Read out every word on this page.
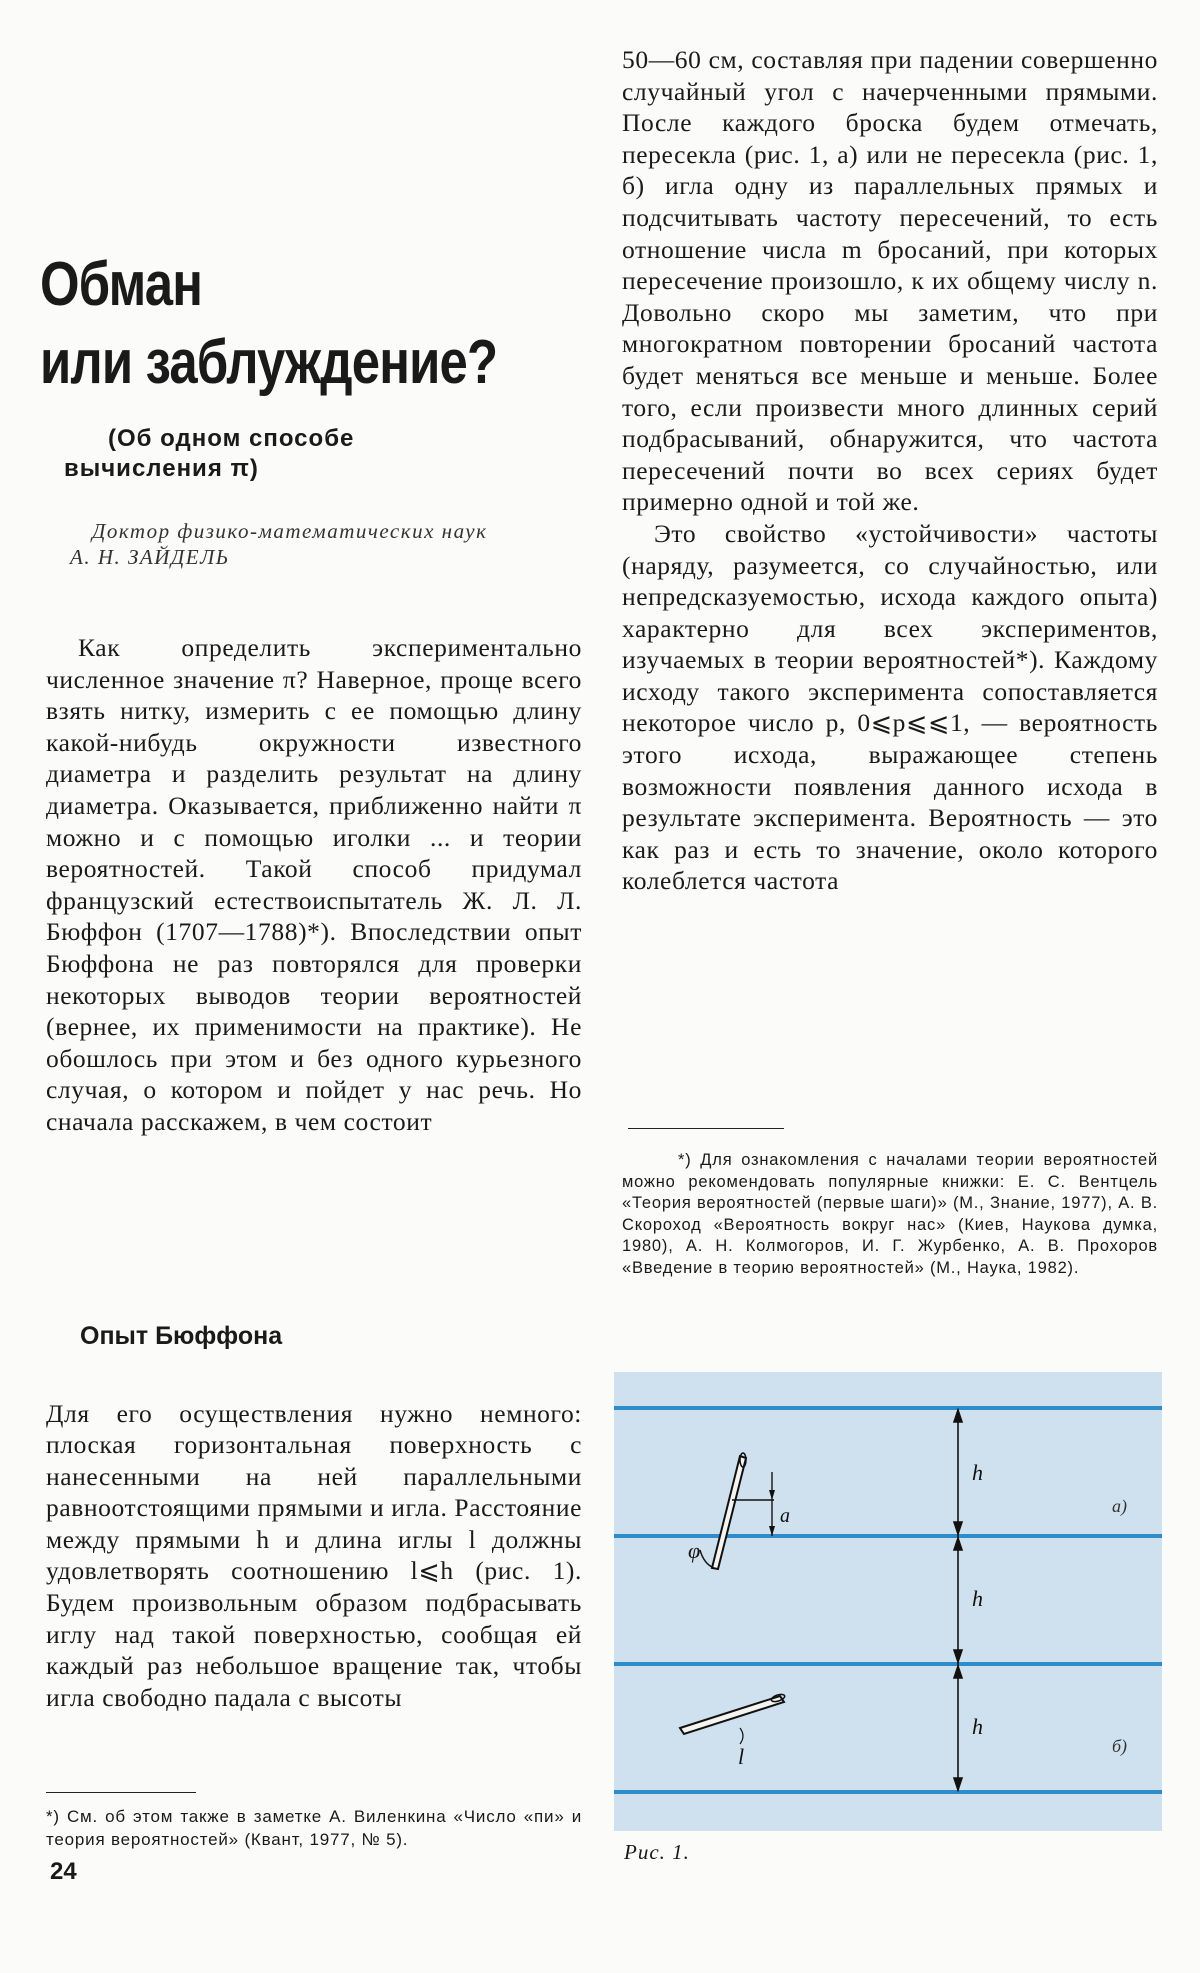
Обман
или заблуждение?
(Об одном способе
вычисления π)
Доктор физико-математических наук
А. Н. ЗАЙДЕЛЬ

Как определить экспериментально численное значение π? Наверное, проще всего взять нитку, измерить с ее помощью длину какой-нибудь окружности известного диаметра и разделить результат на длину диаметра. Оказывается, приближенно найти π можно и с помощью иголки ... и теории вероятностей. Такой способ придумал французский естествоиспытатель Ж. Л. Л. Бюффон (1707—1788)*). Впоследствии опыт Бюффона не раз повторялся для проверки некоторых выводов теории вероятностей (вернее, их применимости на практике). Не обошлось при этом и без одного курьезного случая, о котором и пойдет у нас речь. Но сначала расскажем, в чем состоит

Опыт Бюффона

Для его осуществления нужно немного: плоская горизонтальная поверхность с нанесенными на ней параллельными равноотстоящими прямыми и игла. Расстояние между прямыми h и длина иглы l должны удовлетворять соотношению l⩽h (рис. 1). Будем произвольным образом подбрасывать иглу над такой поверхностью, сообщая ей каждый раз небольшое вращение так, чтобы игла свободно падала с высоты

*) См. об этом также в заметке А. Виленкина «Число «пи» и теория вероятностей» (Квант, 1977, № 5).
24

50—60 см, составляя при падении совершенно случайный угол с начерченными прямыми. После каждого броска будем отмечать, пересекла (рис. 1, а) или не пересекла (рис. 1, б) игла одну из параллельных прямых и подсчитывать частоту пересечений, то есть отношение числа m бросаний, при которых пересечение произошло, к их общему числу n. Довольно скоро мы заметим, что при многократном повторении бросаний частота будет меняться все меньше и меньше. Более того, если произвести много длинных серий подбрасываний, обнаружится, что частота пересечений почти во всех сериях будет примерно одной и той же.

Это свойство «устойчивости» частоты (наряду, разумеется, со случайностью, или непредсказуемостью, исхода каждого опыта) характерно для всех экспериментов, изучаемых в теории вероятностей*). Каждому исходу такого эксперимента сопоставляется некоторое число p, 0⩽p⩽⩽1, — вероятность этого исхода, выражающее степень возможности появления данного исхода в результате эксперимента. Вероятность — это как раз и есть то значение, около которого колеблется частота

*) Для ознакомления с началами теории вероятностей можно рекомендовать популярные книжки: Е. С. Вентцель «Теория вероятностей (первые шаги)» (М., Знание, 1977), А. В. Скороход «Вероятность вокруг нас» (Киев, Наукова думка, 1980), А. Н. Колмогоров, И. Г. Журбенко, А. В. Прохоров «Введение в теорию вероятностей» (М., Наука, 1982).

h
h
h
a
φ
l
а)
б)
Рис. 1.
